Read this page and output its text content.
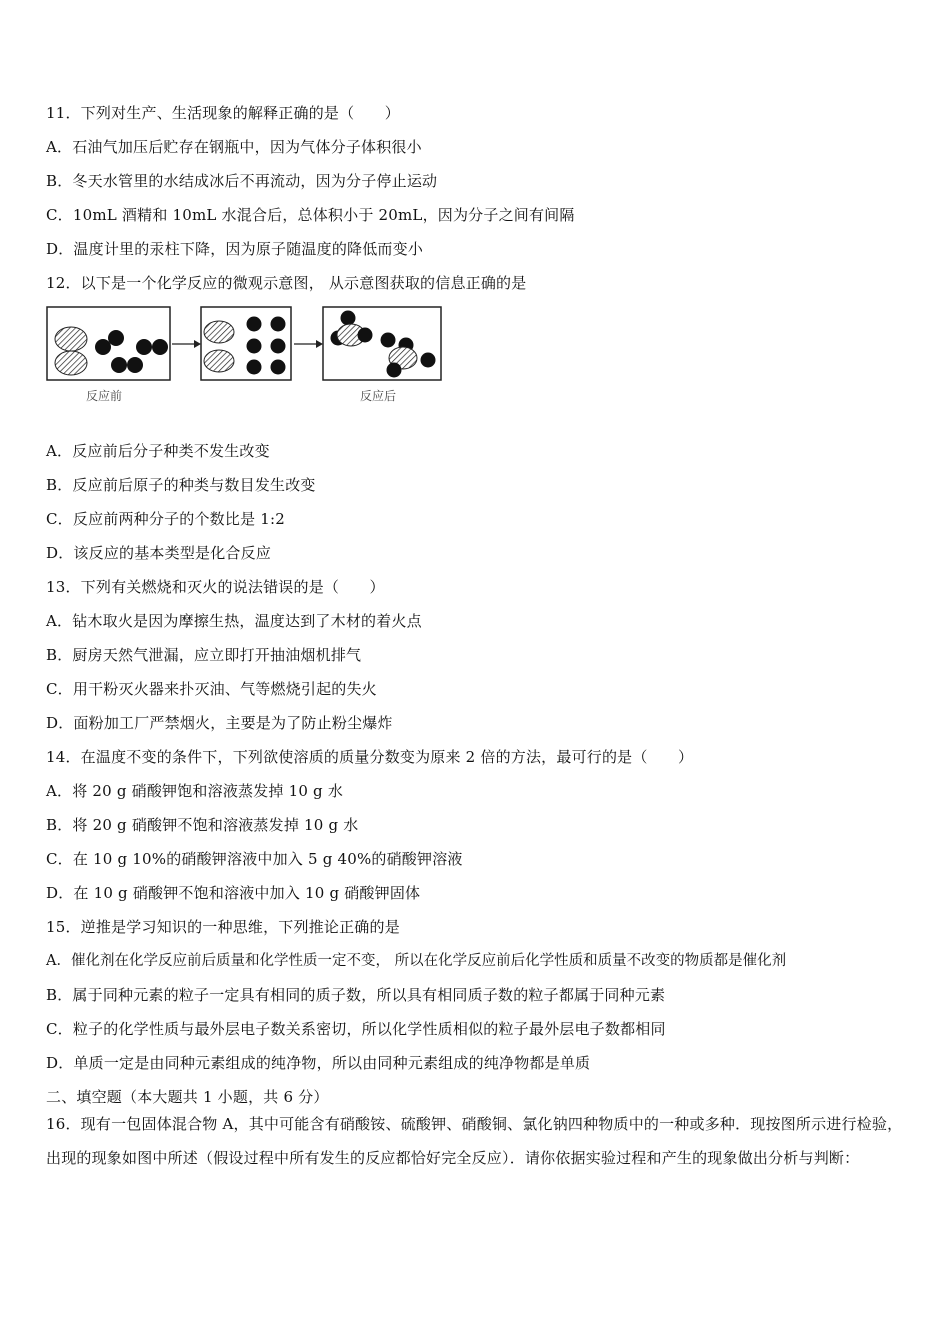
11．下列对生产、生活现象的解释正确的是（　　）
A．石油气加压后贮存在钢瓶中，因为气体分子体积很小
B．冬天水管里的水结成冰后不再流动，因为分子停止运动
C．10mL 酒精和 10mL 水混合后，总体积小于 20mL，因为分子之间有间隔
D．温度计里的汞柱下降，因为原子随温度的降低而变小
12．以下是一个化学反应的微观示意图， 从示意图获取的信息正确的是
反应前	反应后
A．反应前后分子种类不发生改变
B．反应前后原子的种类与数目发生改变
C．反应前两种分子的个数比是 1:2
D．该反应的基本类型是化合反应
13．下列有关燃烧和灭火的说法错误的是（　　）
A．钻木取火是因为摩擦生热，温度达到了木材的着火点
B．厨房天然气泄漏，应立即打开抽油烟机排气
C．用干粉灭火器来扑灭油、气等燃烧引起的失火
D．面粉加工厂严禁烟火，主要是为了防止粉尘爆炸
14．在温度不变的条件下，下列欲使溶质的质量分数变为原来 2 倍的方法，最可行的是（　　）
A．将 20 g 硝酸钾饱和溶液蒸发掉 10 g 水
B．将 20 g 硝酸钾不饱和溶液蒸发掉 10 g 水
C．在 10 g 10%的硝酸钾溶液中加入 5 g 40%的硝酸钾溶液
D．在 10 g 硝酸钾不饱和溶液中加入 10 g 硝酸钾固体
15．逆推是学习知识的一种思维，下列推论正确的是
A．催化剂在化学反应前后质量和化学性质一定不变， 所以在化学反应前后化学性质和质量不改变的物质都是催化剂
B．属于同种元素的粒子一定具有相同的质子数，所以具有相同质子数的粒子都属于同种元素
C．粒子的化学性质与最外层电子数关系密切，所以化学性质相似的粒子最外层电子数都相同
D．单质一定是由同种元素组成的纯净物，所以由同种元素组成的纯净物都是单质
二、填空题（本大题共 1 小题，共 6 分）
16．现有一包固体混合物 A，其中可能含有硝酸铵、硫酸钾、硝酸铜、氯化钠四种物质中的一种或多种．现按图所示进行检验，出现的现象如图中所述（假设过程中所有发生的反应都恰好完全反应）．请你依据实验过程和产生的现象做出分析与判断：
